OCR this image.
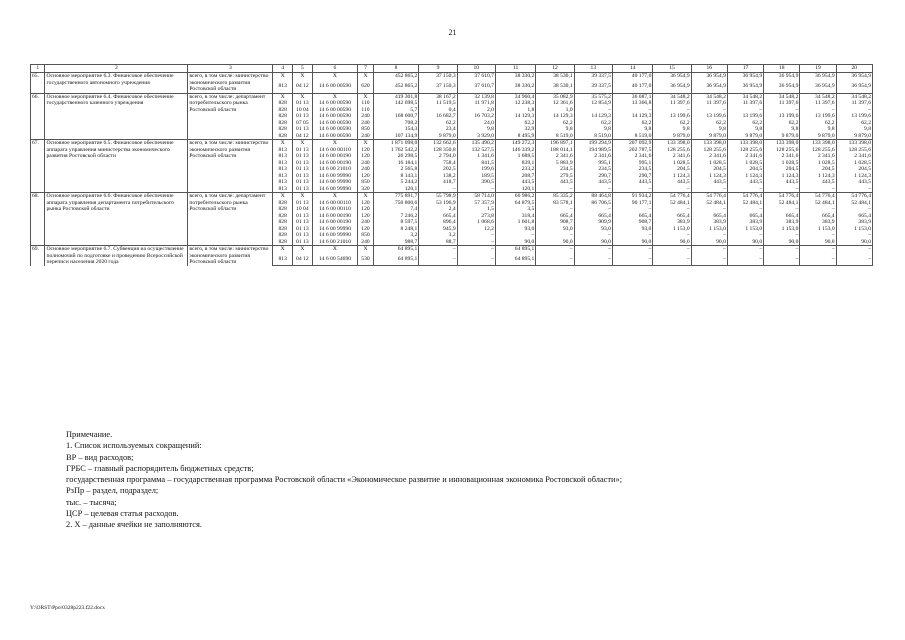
21
1	2	3	4	5	6	7	8	9	10	11	12	13	14	15	16	17	18	19	20
65.	Основное мероприятие 6.3. Финансовое обеспечение государственного автономного учреждения	всего, в том числе: министерство экономического развития Ростовской области	X	X	X	X	452 865,2	37 150,3	37 610,7	38 330,2	38 530,1	39 337,5	40 177,0	36 954,9	36 954,9	36 954,9	36 954,9	36 954,9	36 954,9
			813	04 12	14 6 00 00590	620	452 865,2	37 150,3	37 610,7	38 330,2	38 530,1	39 337,5	40 177,0	36 954,9	36 954,9	36 954,9	36 954,9	36 954,9	36 954,9
66.	Основное мероприятие 6.4. Финансовое обеспечение государственного казенного учреждения	всего, в том числе: департамент потребительского рынка Ростовской области	X	X	X	X	419 301,8	38 167,2	32 139,8	34 960,4	35 082,9	35 575,2	36 087,1	34 548,2	34 548,2	34 548,2	34 548,2	34 548,2	34 548,2
			828	01 13	14 6 00 00590	110	142 698,5	11 519,5	11 971,8	12 238,3	12 361,6	12 854,9	13 366,8	11 397,6	11 397,6	11 397,6	11 397,6	11 397,6	11 397,6
			828	10 04	14 6 00 00590	110	5,7	0,4	2,0	1,8	1,0	–	–	–	–	–	–	–	–
			828	01 13	14 6 00 00590	240	168 600,7	16 682,7	16 703,2	14 129,3	14 129,3	14 129,3	14 129,3	13 199,6	13 199,6	13 199,6	13 199,6	13 199,6	13 199,6
			828	07 05	14 6 00 00590	240	708,2	62,2	24,0	62,2	62,2	62,2	62,2	62,2	62,2	62,2	62,2	62,2	62,2
			828	01 13	14 6 00 00590	850	154,3	23,4	9,8	32,9	9,8	9,8	9,8	9,8	9,8	9,8	9,8	9,8	9,8
			828	04 12	14 6 00 00590	240	107 134,9	9 879,0	3 929,0	8 495,9	8 519,0	8 519,0	8 519,0	9 879,0	9 879,0	9 879,0	9 879,0	9 879,0	9 879,0
67.	Основное мероприятие 6.5. Финансовое обеспечение аппарата управления министерства экономического развития Ростовской области	всего, в том числе: министерство экономического развития Ростовской области	X	X	X	X	1 871 098,0	132 662,6	135 490,2	149 272,3	196 897,1	199 294,9	207 092,9	133 398,0	133 398,0	133 398,0	133 398,0	133 398,0	133 398,0
			813	01 13	14 6 00 00110	120	1 762 542,2	128 350,8	132 527,5	146 339,2	188 014,1	194 989,5	202 787,5	128 255,6	128 255,6	128 255,6	128 255,6	128 255,6	128 255,6
			813	01 13	14 6 00 00190	120	26 298,5	2 794,0	1 341,6	1 688,5	2 341,6	2 341,6	2 341,6	2 341,6	2 341,6	2 341,6	2 341,6	2 341,6	2 341,6
			813	01 13	14 6 00 00190	240	16 184,1	758,4	841,5	839,1	5 883,9	995,1	995,1	1 028,5	1 028,5	1 028,5	1 028,5	1 028,5	1 028,5
			813	01 13	14 6 00 21010	240	2 565,8	202,5	199,6	233,2	234,5	234,5	234,5	204,5	204,5	204,5	204,5	204,5	204,5
			813	01 13	14 6 00 99990	120	8 143,1	138,2	189,5	208,7	279,5	290,7	290,7	1 124,3	1 124,3	1 124,3	1 124,3	1 124,3	1 124,3
			813	01 13	14 6 00 99990	850	5 244,2	418,7	390,5	443,5	443,5	443,5	443,5	443,5	443,5	443,5	443,5	443,5	443,5
			813	01 13	14 6 00 99990	320	120,1	–	–	120,1	–	–	–	–	–	–	–	–	–
68.	Основное мероприятие 6.6. Финансовое обеспечение аппарата управления департамента потребительского рынка Ростовской области	всего, в том числе: департамент потребительского рынка Ростовской области	X	X	X	X	775 891,7	55 798,9	58 714,0	66 986,2	85 335,2	88 464,8	91 934,2	54 776,4	54 776,4	54 776,4	54 776,4	54 776,4	54 776,4
			828	01 13	14 6 00 00110	120	750 800,6	53 196,9	57 357,9	64 879,5	83 578,1	86 706,5	90 177,1	52 484,1	52 484,1	52 484,1	52 484,1	52 484,1	52 484,1
			828	10 04	14 6 00 00110	120	7,4	2,4	1,5	3,5	–	–	–	–	–	–	–	–	–
			828	01 13	14 6 00 00190	120	7 246,2	665,4	273,8	318,4	665,4	665,4	665,4	665,4	665,4	665,4	665,4	665,4	665,4
			828	01 13	14 6 00 00190	240	8 597,5	896,4	1 068,6	1 601,8	908,7	909,9	908,7	383,9	383,9	383,9	383,9	383,9	383,9
			828	01 13	14 6 00 99990	120	8 248,1	945,9	12,2	93,0	93,0	93,0	93,0	1 153,0	1 153,0	1 153,0	1 153,0	1 153,0	1 153,0
			828	01 13	14 6 00 99990	850	3,2	3,2	–	–	–	–	–	–	–	–	–	–	–
			828	01 13	14 6 00 21010	240	988,7	88,7	–	90,0	90,0	90,0	90,0	90,0	90,0	90,0	90,0	90,0	90,0
69.	Основное мероприятие 6.7. Субвенция на осуществление полномочий по подготовке и проведению Всероссийской переписи населения 2020 года	всего, в том числе: министерство экономического развития Ростовской области	X	X	X	X	64 895,1	–	–	64 895,1	–	–	–	–	–	–	–	–	–
			813	04 12	14 6 00 54690	530	64 895,1	–	–	64 895,1	–	–	–	–	–	–	–	–	–
Примечание.
1. Список используемых сокращений:
ВР – вид расходов;
ГРБС – главный распорядитель бюджетных средств;
государственная программа – государственная программа Ростовской области «Экономическое развитие и инновационная экономика Ростовской области»;
РзПр – раздел, подраздел;
тыс. – тысяча;
ЦСР – целевая статья расходов.
2. X – данные ячейки не заполняются.
Y:\ORST\Ppo\0328p223.f22.docx
